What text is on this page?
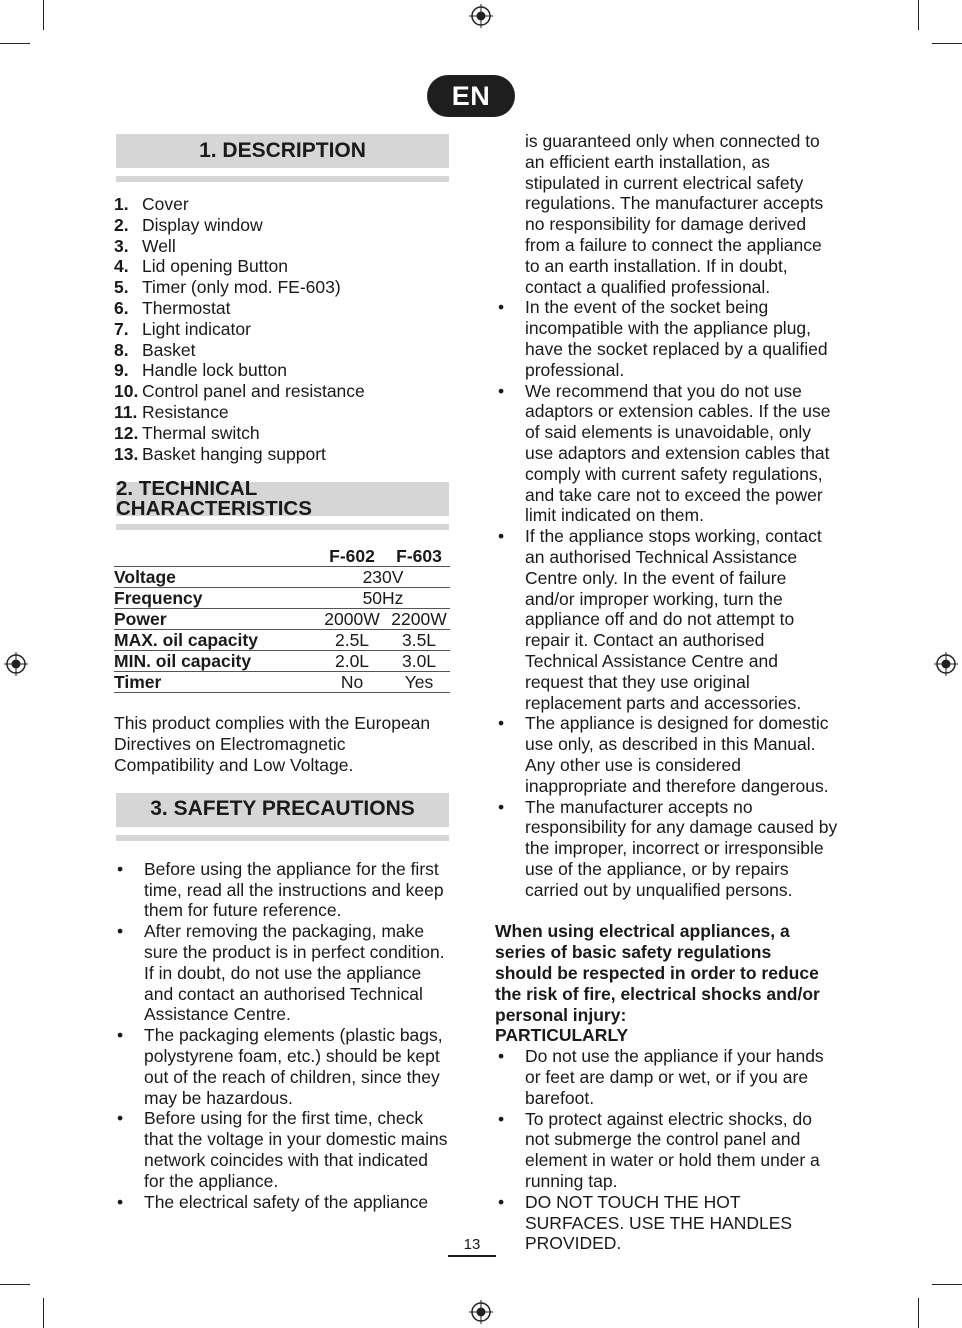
EN
1. DESCRIPTION
1. Cover
2. Display window
3. Well
4. Lid opening Button
5. Timer (only mod. FE-603)
6. Thermostat
7. Light indicator
8. Basket
9. Handle lock button
10. Control panel and resistance
11. Resistance
12. Thermal switch
13. Basket hanging support
2. TECHNICAL CHARACTERISTICS
	F-602	F-603
Voltage	230V	
Frequency	50Hz	
Power	2000W	2200W
MAX. oil capacity	2.5L	3.5L
MIN. oil capacity	2.0L	3.0L
Timer	No	Yes

This product complies with the European Directives on Electromagnetic Compatibility and Low Voltage.

3. SAFETY PRECAUTIONS
• Before using the appliance for the first time, read all the instructions and keep them for future reference.
• After removing the packaging, make sure the product is in perfect condition. If in doubt, do not use the appliance and contact an authorised Technical Assistance Centre.
• The packaging elements (plastic bags, polystyrene foam, etc.) should be kept out of the reach of children, since they may be hazardous.
• Before using for the first time, check that the voltage in your domestic mains network coincides with that indicated for the appliance.
• The electrical safety of the appliance

is guaranteed only when connected to an efficient earth installation, as stipulated in current electrical safety regulations. The manufacturer accepts no responsibility for damage derived from a failure to connect the appliance to an earth installation. If in doubt, contact a qualified professional.

• In the event of the socket being incompatible with the appliance plug, have the socket replaced by a qualified professional.
• We recommend that you do not use adaptors or extension cables. If the use of said elements is unavoidable, only use adaptors and extension cables that comply with current safety regulations, and take care not to exceed the power limit indicated on them.
• If the appliance stops working, contact an authorised Technical Assistance Centre only. In the event of failure and/or improper working, turn the appliance off and do not attempt to repair it. Contact an authorised Technical Assistance Centre and request that they use original replacement parts and accessories.
• The appliance is designed for domestic use only, as described in this Manual. Any other use is considered inappropriate and therefore dangerous.
• The manufacturer accepts no responsibility for any damage caused by the improper, incorrect or irresponsible use of the appliance, or by repairs carried out by unqualified persons.

When using electrical appliances, a series of basic safety regulations should be respected in order to reduce the risk of fire, electrical shocks and/or personal injury:

PARTICULARLY
• Do not use the appliance if your hands or feet are damp or wet, or if you are barefoot.
• To protect against electric shocks, do not submerge the control panel and element in water or hold them under a running tap.
• DO NOT TOUCH THE HOT SURFACES. USE THE HANDLES PROVIDED.
13
